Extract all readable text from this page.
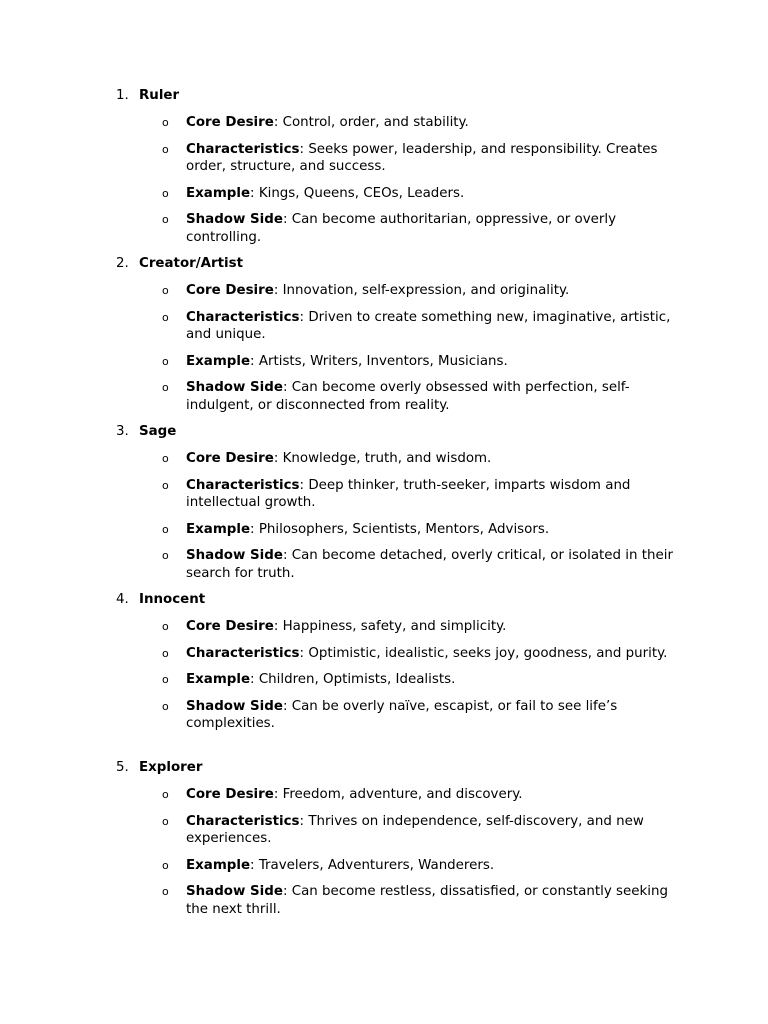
1. Ruler
o Core Desire: Control, order, and stability.
o Characteristics: Seeks power, leadership, and responsibility. Creates order, structure, and success.
o Example: Kings, Queens, CEOs, Leaders.
o Shadow Side: Can become authoritarian, oppressive, or overly controlling.
2. Creator/Artist
o Core Desire: Innovation, self-expression, and originality.
o Characteristics: Driven to create something new, imaginative, artistic, and unique.
o Example: Artists, Writers, Inventors, Musicians.
o Shadow Side: Can become overly obsessed with perfection, self-indulgent, or disconnected from reality.
3. Sage
o Core Desire: Knowledge, truth, and wisdom.
o Characteristics: Deep thinker, truth-seeker, imparts wisdom and intellectual growth.
o Example: Philosophers, Scientists, Mentors, Advisors.
o Shadow Side: Can become detached, overly critical, or isolated in their search for truth.
4. Innocent
o Core Desire: Happiness, safety, and simplicity.
o Characteristics: Optimistic, idealistic, seeks joy, goodness, and purity.
o Example: Children, Optimists, Idealists.
o Shadow Side: Can be overly naïve, escapist, or fail to see life’s complexities.
5. Explorer
o Core Desire: Freedom, adventure, and discovery.
o Characteristics: Thrives on independence, self-discovery, and new experiences.
o Example: Travelers, Adventurers, Wanderers.
o Shadow Side: Can become restless, dissatisfied, or constantly seeking the next thrill.
